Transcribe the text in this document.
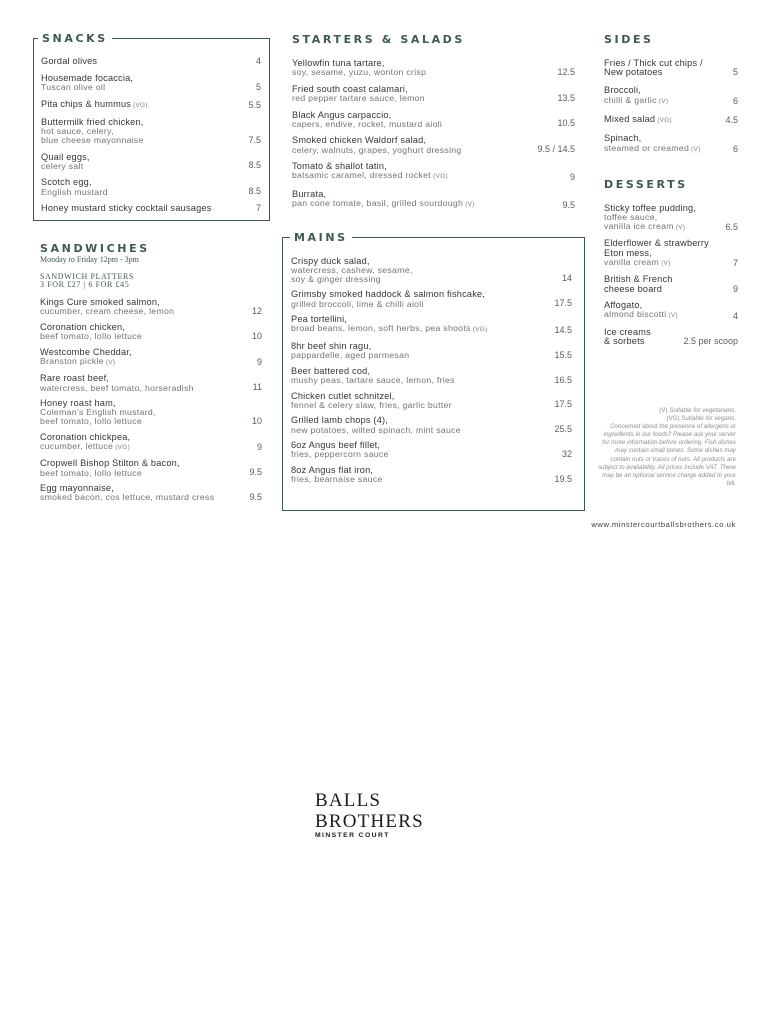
SNACKS
Gordal olives	4
Housemade focaccia,
Tuscan olive oil	5
Pita chips & hummus (VG)	5.5
Buttermilk fried chicken,
hot sauce, celery,
blue cheese mayonnaise	7.5
Quail eggs,
celery salt	8.5
Scotch egg,
English mustard	8.5
Honey mustard sticky cocktail sausages	7
SANDWICHES
Monday to Friday 12pm - 3pm
SANDWICH PLATTERS
3 FOR £27 | 6 FOR £45
Kings Cure smoked salmon,
cucumber, cream cheese, lemon	12
Coronation chicken,
beef tomato, lollo lettuce	10
Westcombe Cheddar,
Branston pickle (V)	9
Rare roast beef,
watercress, beef tomato, horseradish	11
Honey roast ham,
Coleman's English mustard,
beef tomato, lollo lettuce	10
Coronation chickpea,
cucumber, lettuce (VG)	9
Cropwell Bishop Stilton & bacon,
beef tomato, lollo lettuce	9.5
Egg mayonnaise,
smoked bacon, cos lettuce, mustard cress	9.5
STARTERS & SALADS
Yellowfin tuna tartare,
soy, sesame, yuzu, wonton crisp	12.5
Fried south coast calamari,
red pepper tartare sauce, lemon	13.5
Black Angus carpaccio,
capers, endive, rocket, mustard aioli	10.5
Smoked chicken Waldorf salad,
celery, walnuts, grapes, yoghurt dressing	9.5 / 14.5
Tomato & shallot tatin,
balsamic caramel, dressed rocket (VG)	9
Burrata,
pan cone tomate, basil, grilled sourdough (V)	9.5
MAINS
Crispy duck salad,
watercress, cashew, sesame,
soy & ginger dressing	14
Grimsby smoked haddock & salmon fishcake,
grilled broccoli, lime & chilli aioli	17.5
Pea tortellini,
broad beans, lemon, soft herbs, pea shoots (VG)	14.5
8hr beef shin ragu,
pappardelle, aged parmesan	15.5
Beer battered cod,
mushy peas, tartare sauce, lemon, fries	16.5
Chicken cutlet schnitzel,
fennel & celery slaw, fries, garlic butter	17.5
Grilled lamb chops (4),
new potatoes, wilted spinach, mint sauce	25.5
6oz Angus beef fillet,
fries, peppercorn sauce	32
8oz Angus flat iron,
fries, bearnaise sauce	19.5
SIDES
Fries / Thick cut chips /
New potatoes	5
Broccoli,
chilli & garlic (V)	6
Mixed salad (VG)	4.5
Spinach,
steamed or creamed (V)	6
DESSERTS
Sticky toffee pudding,
toffee sauce,
vanilla ice cream (V)	6.5
Elderflower & strawberry
Eton mess,
vanilla cream (V)	7
British & French
cheese board	9
Affogato,
almond biscotti (V)	4
Ice creams
& sorbets	2.5 per scoop
(V) Suitable for vegetarians.
(VG) Suitable for vegans.
Concerned about the presence of allergens or ingredients in our foods? Please ask your server for more information before ordering. Fish dishes may contain small bones. Some dishes may contain nuts or traces of nuts. All products are subject to availability. All prices include VAT. There may be an optional service charge added to your bill.
www.minstercourtballsbrothers.co.uk
BALLS
BROTHERS
MINSTER COURT
